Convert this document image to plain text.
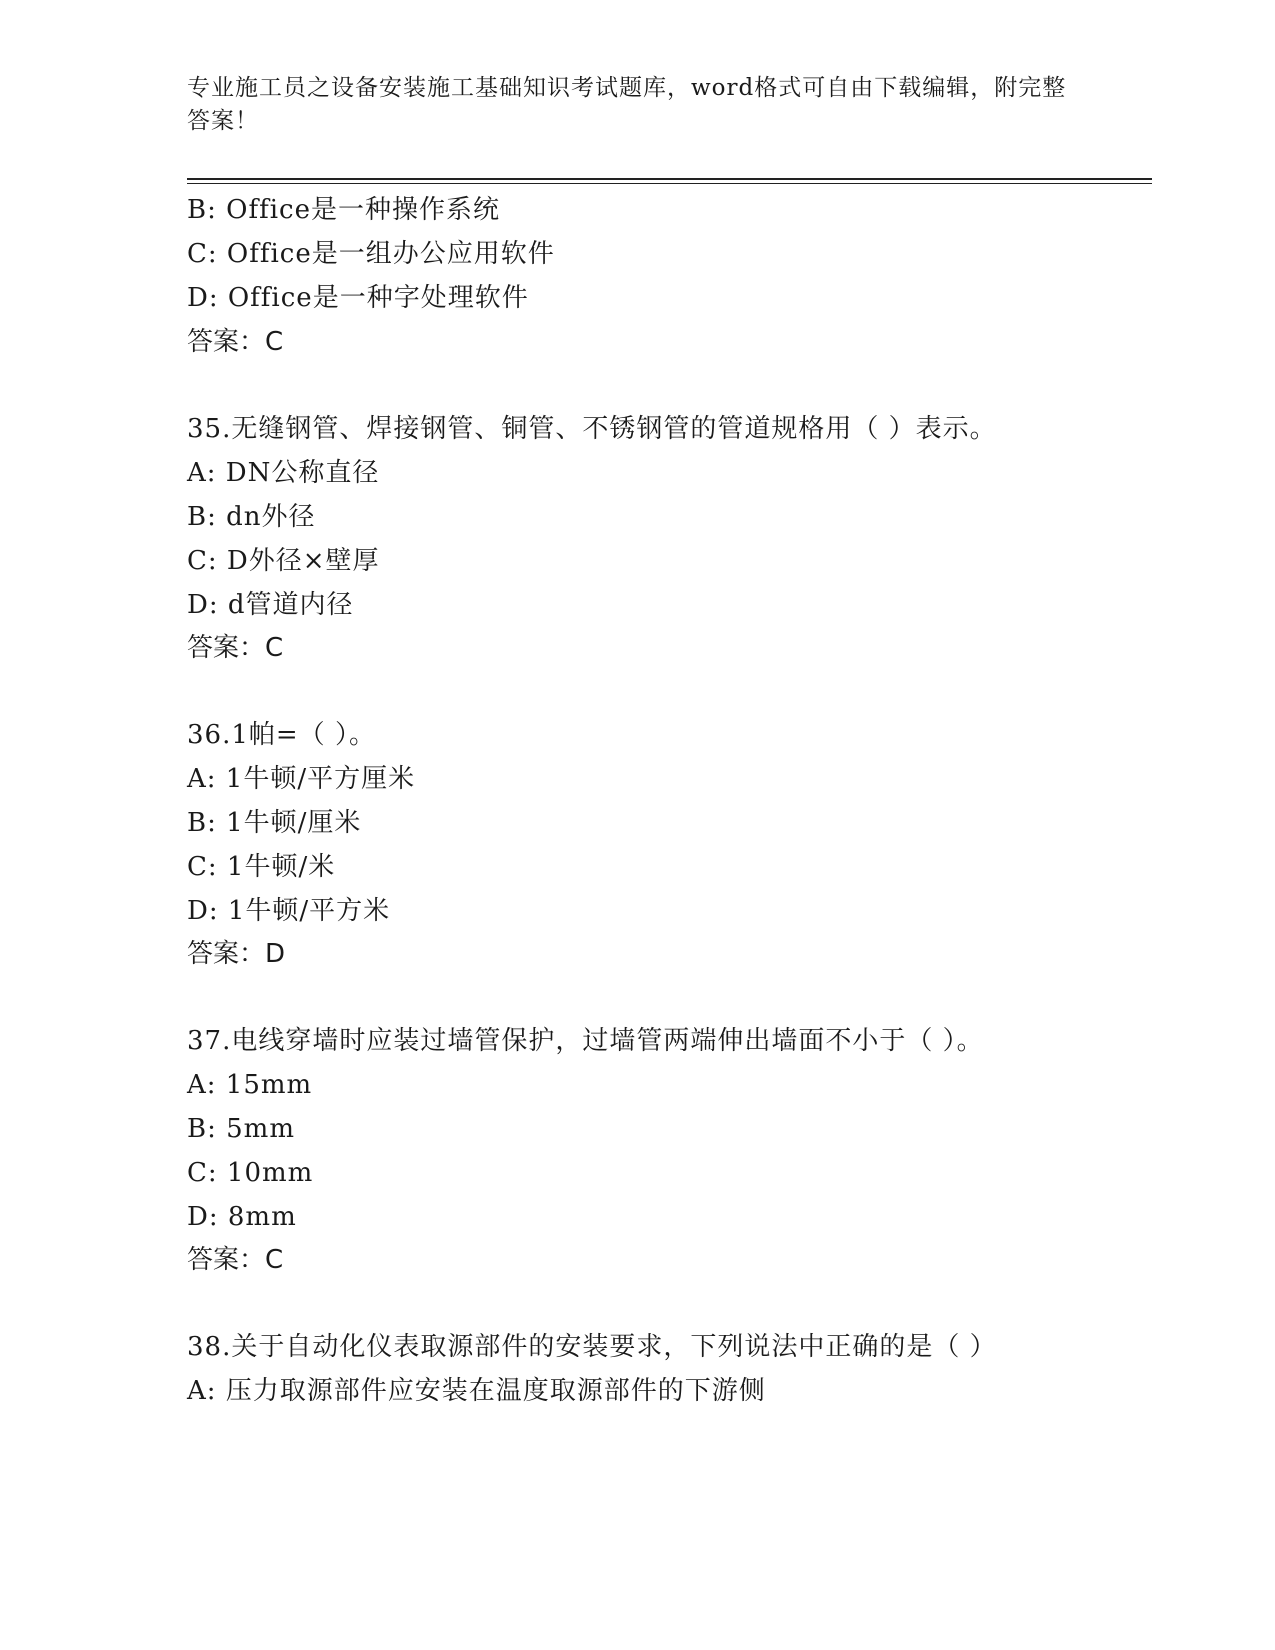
专业施工员之设备安装施工基础知识考试题库，word格式可自由下载编辑，附完整答案！
B: Office是一种操作系统
C: Office是一组办公应用软件
D: Office是一种字处理软件
答案：C
35.无缝钢管、焊接钢管、铜管、不锈钢管的管道规格用（ ）表示。
A: DN公称直径
B: dn外径
C: D外径×壁厚
D: d管道内径
答案：C
36.1帕=（ ）。
A: 1牛顿/平方厘米
B: 1牛顿/厘米
C: 1牛顿/米
D: 1牛顿/平方米
答案：D
37.电线穿墙时应装过墙管保护，过墙管两端伸出墙面不小于（ ）。
A: 15mm
B: 5mm
C: 10mm
D: 8mm
答案：C
38.关于自动化仪表取源部件的安装要求，下列说法中正确的是（ ）
A: 压力取源部件应安装在温度取源部件的下游侧
